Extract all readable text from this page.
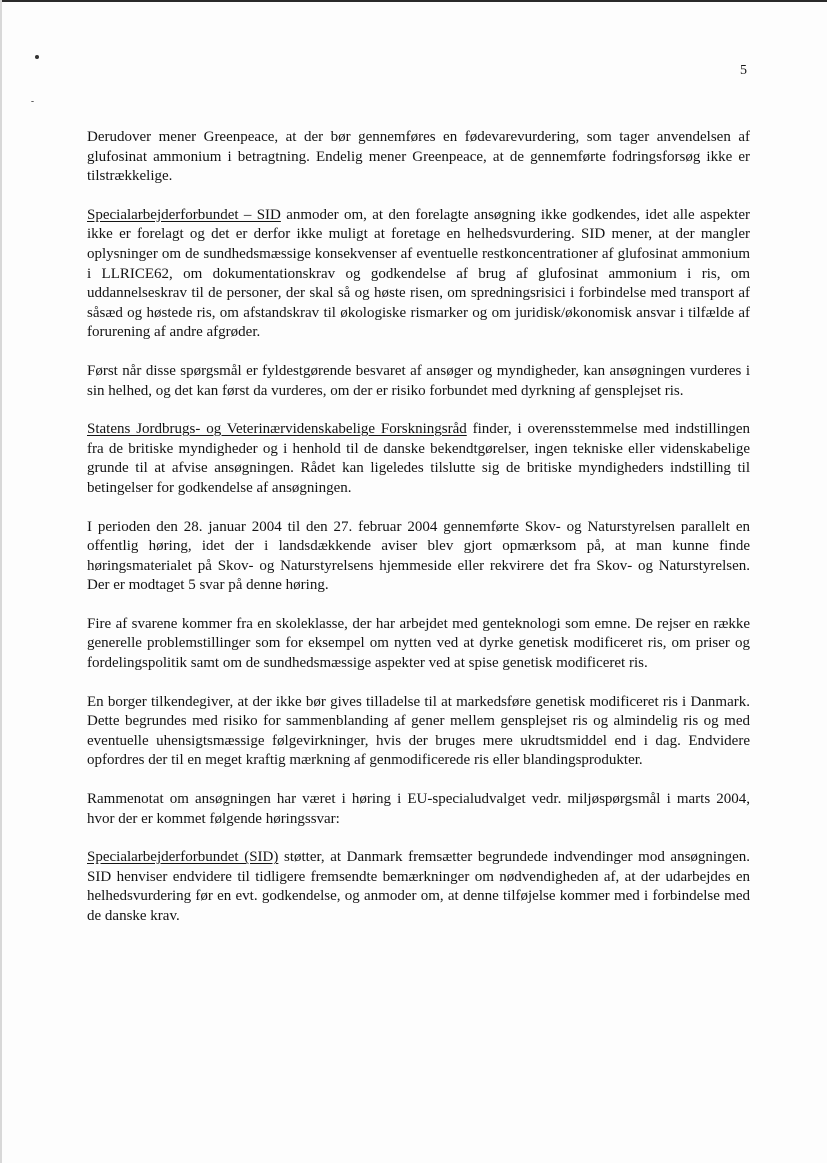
5

Derudover mener Greenpeace, at der bør gennemføres en fødevarevurdering, som tager anvendelsen af glufosinat ammonium i betragtning. Endelig mener Greenpeace, at de gennemførte fodringsforsøg ikke er tilstrækkelige.

Specialarbejderforbundet – SID anmoder om, at den forelagte ansøgning ikke godkendes, idet alle aspekter ikke er forelagt og det er derfor ikke muligt at foretage en helhedsvurdering. SID mener, at der mangler oplysninger om de sundhedsmæssige konsekvenser af eventuelle restkoncentrationer af glufosinat ammonium i LLRICE62, om dokumentationskrav og godkendelse af brug af glufosinat ammonium i ris, om uddannelseskrav til de personer, der skal så og høste risen, om spredningsrisici i forbindelse med transport af såsæd og høstede ris, om afstandskrav til økologiske rismarker og om juridisk/økonomisk ansvar i tilfælde af forurening af andre afgrøder.

Først når disse spørgsmål er fyldestgørende besvaret af ansøger og myndigheder, kan ansøgningen vurderes i sin helhed, og det kan først da vurderes, om der er risiko forbundet med dyrkning af gensplejset ris.

Statens Jordbrugs- og Veterinærvidenskabelige Forskningsråd finder, i overensstemmelse med indstillingen fra de britiske myndigheder og i henhold til de danske bekendtgørelser, ingen tekniske eller videnskabelige grunde til at afvise ansøgningen. Rådet kan ligeledes tilslutte sig de britiske myndigheders indstilling til betingelser for godkendelse af ansøgningen.

I perioden den 28. januar 2004 til den 27. februar 2004 gennemførte Skov- og Naturstyrelsen parallelt en offentlig høring, idet der i landsdækkende aviser blev gjort opmærksom på, at man kunne finde høringsmaterialet på Skov- og Naturstyrelsens hjemmeside eller rekvirere det fra Skov- og Naturstyrelsen. Der er modtaget 5 svar på denne høring.

Fire af svarene kommer fra en skoleklasse, der har arbejdet med genteknologi som emne. De rejser en række generelle problemstillinger som for eksempel om nytten ved at dyrke genetisk modificeret ris, om priser og fordelingspolitik samt om de sundhedsmæssige aspekter ved at spise genetisk modificeret ris.

En borger tilkendegiver, at der ikke bør gives tilladelse til at markedsføre genetisk modificeret ris i Danmark. Dette begrundes med risiko for sammenblanding af gener mellem gensplejset ris og almindelig ris og med eventuelle uhensigtsmæssige følgevirkninger, hvis der bruges mere ukrudtsmiddel end i dag. Endvidere opfordres der til en meget kraftig mærkning af genmodificerede ris eller blandingsprodukter.

Rammenotat om ansøgningen har været i høring i EU-specialudvalget vedr. miljøspørgsmål i marts 2004, hvor der er kommet følgende høringssvar:

Specialarbejderforbundet (SID) støtter, at Danmark fremsætter begrundede indvendinger mod ansøgningen. SID henviser endvidere til tidligere fremsendte bemærkninger om nødvendigheden af, at der udarbejdes en helhedsvurdering før en evt. godkendelse, og anmoder om, at denne tilføjelse kommer med i forbindelse med de danske krav.
